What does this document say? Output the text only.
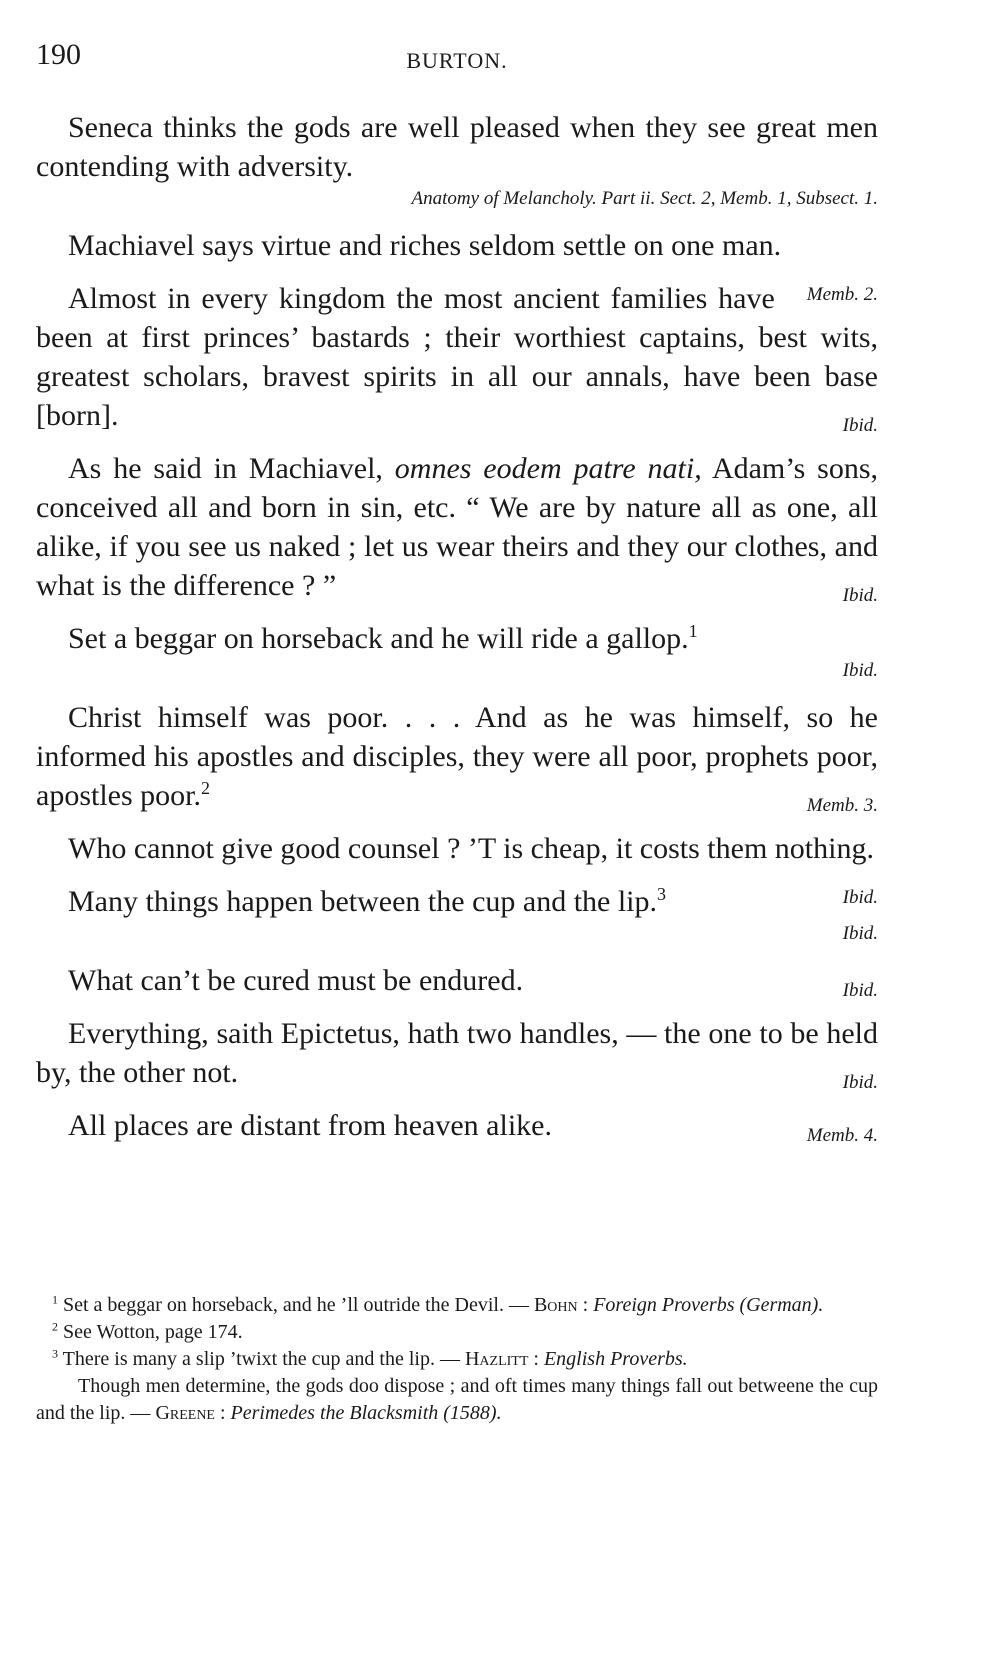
190	BURTON.

Seneca thinks the gods are well pleased when they see great men contending with adversity.

Anatomy of Melancholy. Part ii. Sect. 2, Memb. 1, Subsect. 1.

Machiavel says virtue and riches seldom settle on one man.
Memb. 2.

Almost in every kingdom the most ancient families have been at first princes’ bastards ; their worthiest captains, best wits, greatest scholars, bravest spirits in all our annals, have been base [born].	Ibid.

As he said in Machiavel, omnes eodem patre nati, Adam’s sons, conceived all and born in sin, etc. “ We are by nature all as one, all alike, if you see us naked ; let us wear theirs and they our clothes, and what is the difference ? ”	Ibid.

Set a beggar on horseback and he will ride a gallop.$^1$

Ibid.

Christ himself was poor. . . . And as he was himself, so he informed his apostles and disciples, they were all poor, prophets poor, apostles poor.$^2$
Memb. 3.

Who cannot give good counsel ? ’T is cheap, it costs them nothing.
Ibid.

Many things happen between the cup and the lip.$^3$

Ibid.

What can’t be cured must be endured.	Ibid.

Everything, saith Epictetus, hath two handles, — the one to be held by, the other not.	Ibid.

All places are distant from heaven alike.	Memb. 4.

$^1$ Set a beggar on horseback, and he ’ll outride the Devil. — Bohn : Foreign Proverbs (German).

$^2$ See Wotton, page 174.

$^3$ There is many a slip ’twixt the cup and the lip. — Hazlitt : English Proverbs.

Though men determine, the gods doo dispose ; and oft times many things fall out betweene the cup and the lip. — Greene : Perimedes the Blacksmith (1588).
